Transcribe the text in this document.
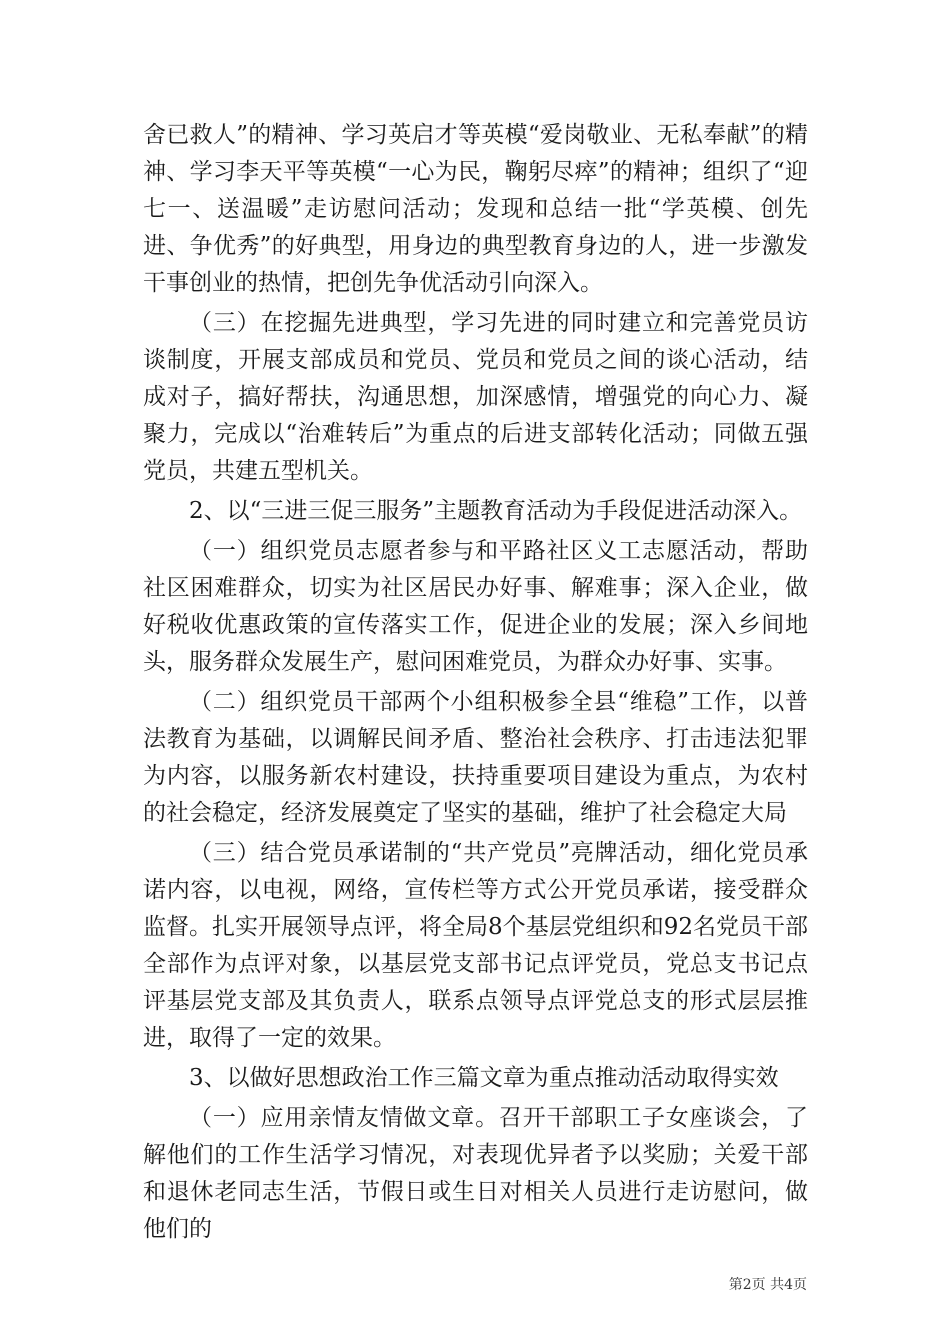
舍已救人”的精神、学习英启才等英模“爱岗敬业、无私奉献”的精神、学习李天平等英模“一心为民，鞠躬尽瘁”的精神；组织了“迎七一、送温暖”走访慰问活动；发现和总结一批“学英模、创先进、争优秀”的好典型，用身边的典型教育身边的人，进一步激发干事创业的热情，把创先争优活动引向深入。

（三）在挖掘先进典型，学习先进的同时建立和完善党员访谈制度，开展支部成员和党员、党员和党员之间的谈心活动，结成对子，搞好帮扶，沟通思想，加深感情，增强党的向心力、凝聚力，完成以“治难转后”为重点的后进支部转化活动；同做五强党员，共建五型机关。

2、以“三进三促三服务”主题教育活动为手段促进活动深入。

（一）组织党员志愿者参与和平路社区义工志愿活动，帮助社区困难群众，切实为社区居民办好事、解难事；深入企业，做好税收优惠政策的宣传落实工作，促进企业的发展；深入乡间地头，服务群众发展生产，慰问困难党员，为群众办好事、实事。

（二）组织党员干部两个小组积极参全县“维稳”工作，以普法教育为基础，以调解民间矛盾、整治社会秩序、打击违法犯罪为内容，以服务新农村建设，扶持重要项目建设为重点，为农村的社会稳定，经济发展奠定了坚实的基础，维护了社会稳定大局

（三）结合党员承诺制的“共产党员”亮牌活动，细化党员承诺内容，以电视，网络，宣传栏等方式公开党员承诺，接受群众监督。扎实开展领导点评，将全局8个基层党组织和92名党员干部全部作为点评对象，以基层党支部书记点评党员，党总支书记点评基层党支部及其负责人，联系点领导点评党总支的形式层层推进，取得了一定的效果。

3、以做好思想政治工作三篇文章为重点推动活动取得实效

（一）应用亲情友情做文章。召开干部职工子女座谈会，了解他们的工作生活学习情况，对表现优异者予以奖励；关爱干部和退休老同志生活，节假日或生日对相关人员进行走访慰问，做他们的

第2页 共4页
